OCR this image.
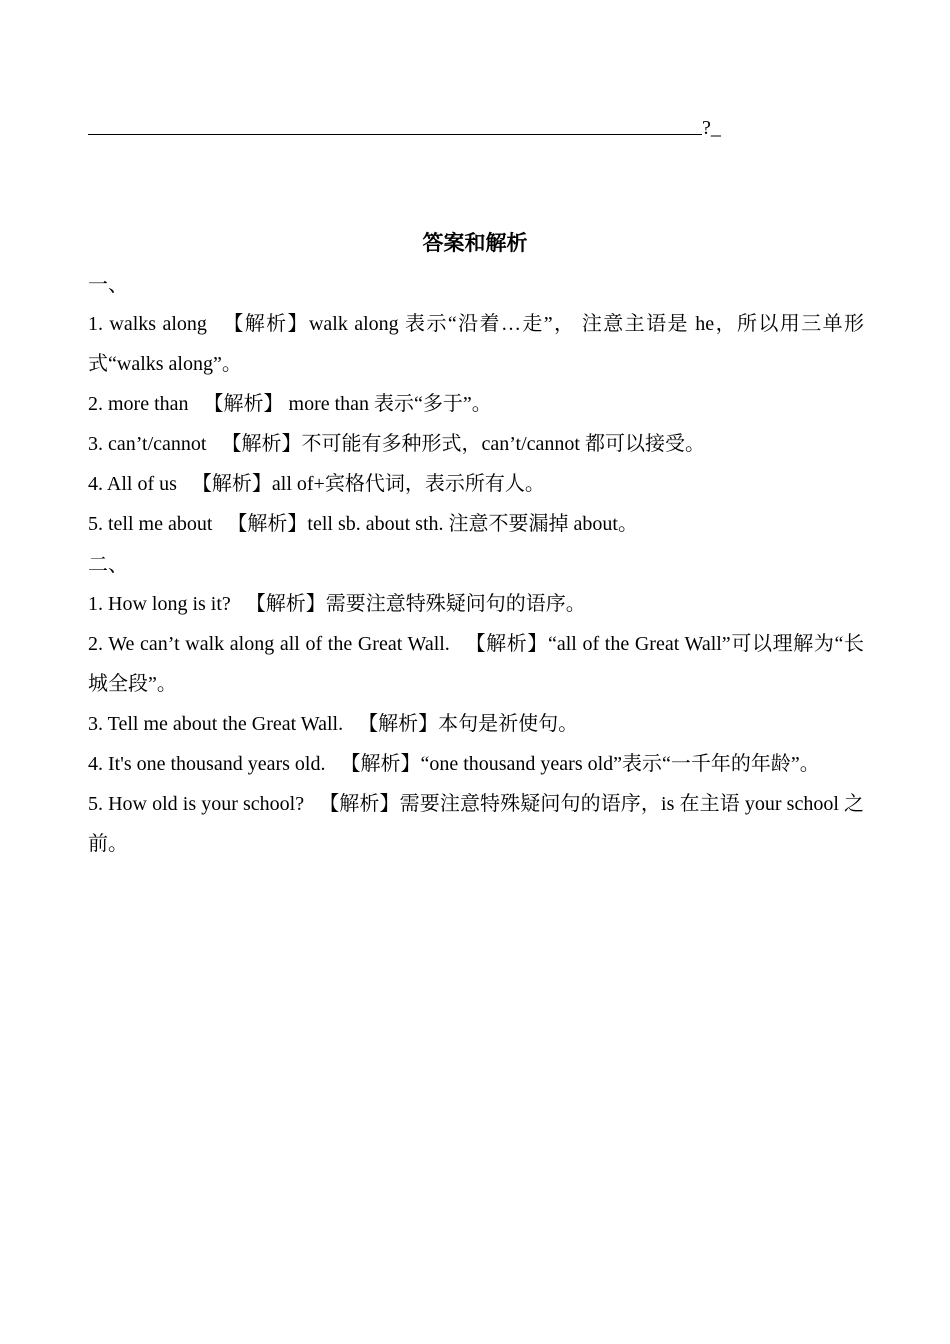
?_
答案和解析
一、
1. walks along 【解析】walk along 表示“沿着…走”， 注意主语是 he，所以用三单形式“walks along”。
2. more than 【解析】 more than 表示“多于”。
3. can’t/cannot 【解析】不可能有多种形式，can’t/cannot 都可以接受。
4. All of us 【解析】all of+宾格代词，表示所有人。
5. tell me about 【解析】tell sb. about sth. 注意不要漏掉 about。
二、
1. How long is it? 【解析】需要注意特殊疑问句的语序。
2. We can’t walk along all of the Great Wall. 【解析】“all of the Great Wall”可以理解为“长城全段”。
3. Tell me about the Great Wall. 【解析】本句是祈使句。
4. It's one thousand years old. 【解析】“one thousand years old”表示“一千年的年龄”。
5. How old is your school? 【解析】需要注意特殊疑问句的语序，is 在主语 your school 之前。
